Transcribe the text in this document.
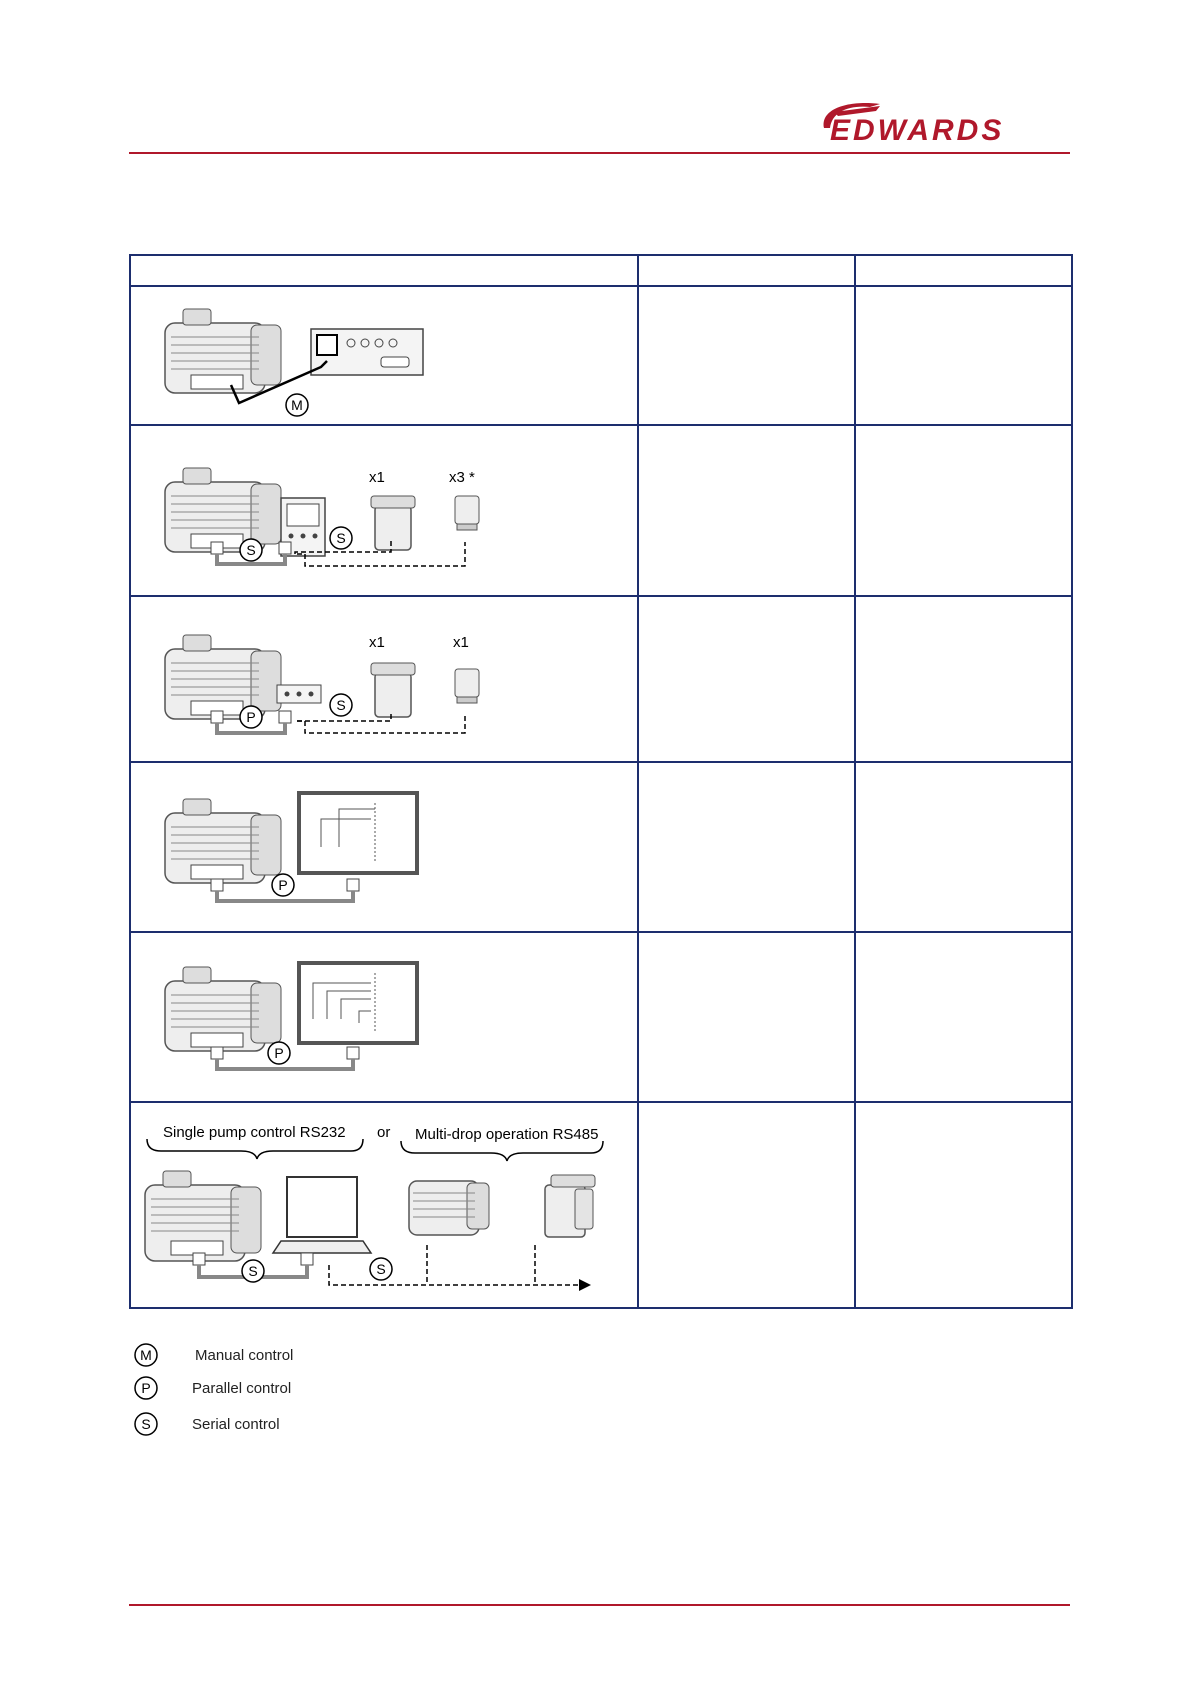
EDWARDS

M		

x1 x3 *
S
S		

x1 x1
P
S		

P		

P		

Single pump control RS232 or Multi-drop operation RS485
S S		

M	Manual control
P	Parallel control
S	Serial control
